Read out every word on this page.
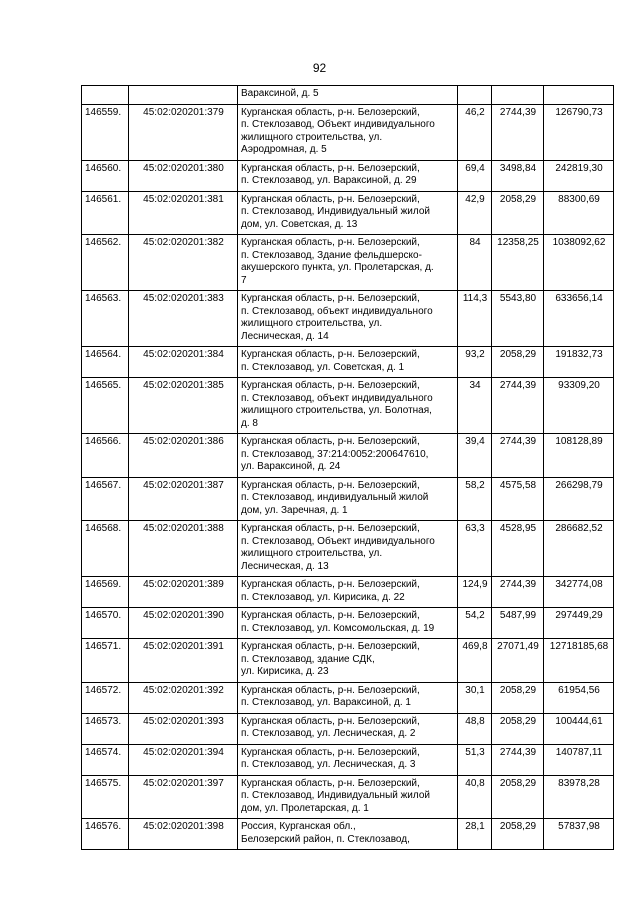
92

		Вараксиной, д. 5			

146559.	45:02:020201:379	Курганская область, р-н. Белозерский,
п. Стеклозавод, Объект индивидуального
жилищного строительства, ул.
Аэродромная, д. 5	46,2	2744,39	126790,73
146560.	45:02:020201:380	Курганская область, р-н. Белозерский,
п. Стеклозавод, ул. Вараксиной, д. 29	69,4	3498,84	242819,30
146561.	45:02:020201:381	Курганская область, р-н. Белозерский,
п. Стеклозавод, Индивидуальный жилой
дом, ул. Советская, д. 13	42,9	2058,29	88300,69
146562.	45:02:020201:382	Курганская область, р-н. Белозерский,
п. Стеклозавод, Здание фельдшерско-
акушерского пункта, ул. Пролетарская, д.
7	84	12358,25	1038092,62
146563.	45:02:020201:383	Курганская область, р-н. Белозерский,
п. Стеклозавод, объект индивидуального
жилищного строительства, ул.
Лесническая, д. 14	114,3	5543,80	633656,14
146564.	45:02:020201:384	Курганская область, р-н. Белозерский,
п. Стеклозавод, ул. Советская, д. 1	93,2	2058,29	191832,73
146565.	45:02:020201:385	Курганская область, р-н. Белозерский,
п. Стеклозавод, объект индивидуального
жилищного строительства, ул. Болотная,
д. 8	34	2744,39	93309,20
146566.	45:02:020201:386	Курганская область, р-н. Белозерский,
п. Стеклозавод, 37:214:0052:200647610,
ул. Вараксиной, д. 24	39,4	2744,39	108128,89
146567.	45:02:020201:387	Курганская область, р-н. Белозерский,
п. Стеклозавод, индивидуальный жилой
дом, ул. Заречная, д. 1	58,2	4575,58	266298,79
146568.	45:02:020201:388	Курганская область, р-н. Белозерский,
п. Стеклозавод, Объект индивидуального
жилищного строительства, ул.
Лесническая, д. 13	63,3	4528,95	286682,52
146569.	45:02:020201:389	Курганская область, р-н. Белозерский,
п. Стеклозавод, ул. Кирисика, д. 22	124,9	2744,39	342774,08
146570.	45:02:020201:390	Курганская область, р-н. Белозерский,
п. Стеклозавод, ул. Комсомольская, д. 19	54,2	5487,99	297449,29
146571.	45:02:020201:391	Курганская область, р-н. Белозерский,
п. Стеклозавод, здание СДК,
ул. Кирисика, д. 23	469,8	27071,49	12718185,68
146572.	45:02:020201:392	Курганская область, р-н. Белозерский,
п. Стеклозавод, ул. Вараксиной, д. 1	30,1	2058,29	61954,56
146573.	45:02:020201:393	Курганская область, р-н. Белозерский,
п. Стеклозавод, ул. Лесническая, д. 2	48,8	2058,29	100444,61
146574.	45:02:020201:394	Курганская область, р-н. Белозерский,
п. Стеклозавод, ул. Лесническая, д. 3	51,3	2744,39	140787,11
146575.	45:02:020201:397	Курганская область, р-н. Белозерский,
п. Стеклозавод, Индивидуальный жилой
дом, ул. Пролетарская, д. 1	40,8	2058,29	83978,28
146576.	45:02:020201:398	Россия, Курганская обл.,
Белозерский район, п. Стеклозавод,	28,1	2058,29	57837,98
